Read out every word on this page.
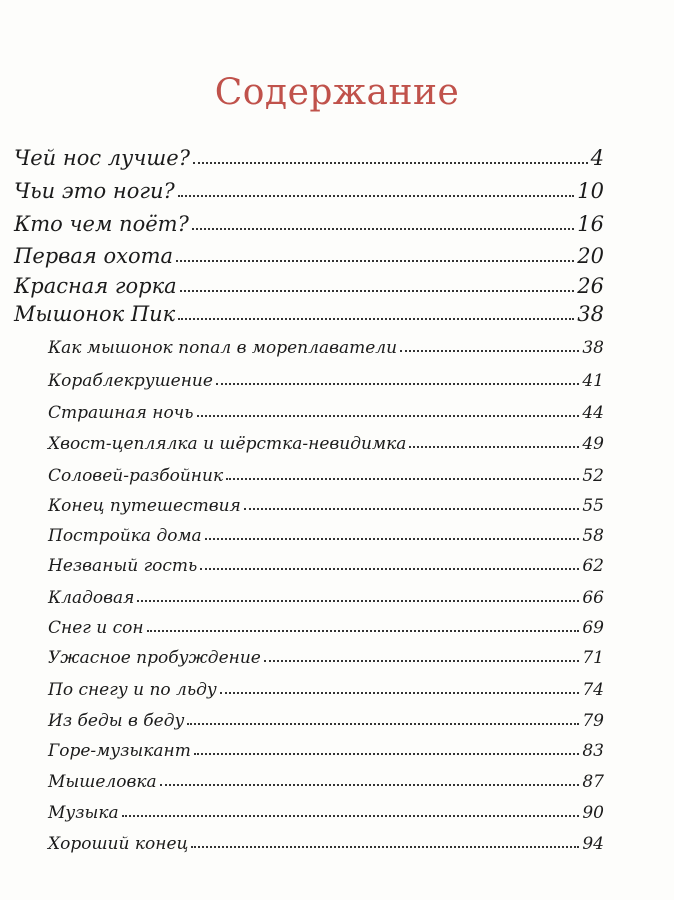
Содержание
Чей нос лучше?	4
Чьи это ноги?	10
Кто чем поёт?	16
Первая охота	20
Красная горка	26
Мышонок Пик	38
Как мышонок попал в мореплаватели	38
Кораблекрушение	41
Страшная ночь	44
Хвост-цеплялка и шёрстка-невидимка	49
Соловей-разбойник	52
Конец путешествия	55
Постройка дома	58
Незваный гость	62
Кладовая	66
Снег и сон	69
Ужасное пробуждение	71
По снегу и по льду	74
Из беды в беду	79
Горе-музыкант	83
Мышеловка	87
Музыка	90
Хороший конец	94
